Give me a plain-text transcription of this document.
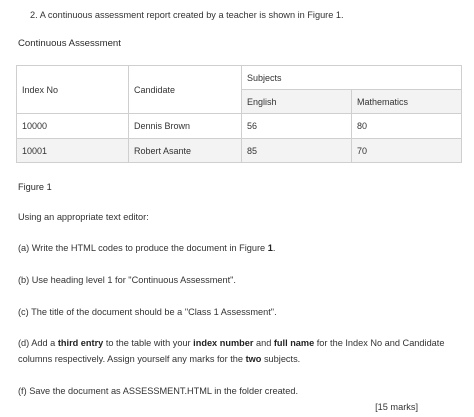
2. A continuous assessment report created by a teacher is shown in Figure 1.
Continuous Assessment
Index No	Candidate	Subjects	
		English	Mathematics
10000	Dennis Brown	56	80
10001	Robert Asante	85	70
Figure 1
Using an appropriate text editor:
(a) Write the HTML codes to produce the document in Figure 1.
(b) Use heading level 1 for "Continuous Assessment".
(c) The title of the document should be a "Class 1 Assessment".
(d) Add a third entry to the table with your index number and full name for the Index No and Candidate
columns respectively. Assign yourself any marks for the two subjects.
(f) Save the document as ASSESSMENT.HTML in the folder created.
[15 marks]
